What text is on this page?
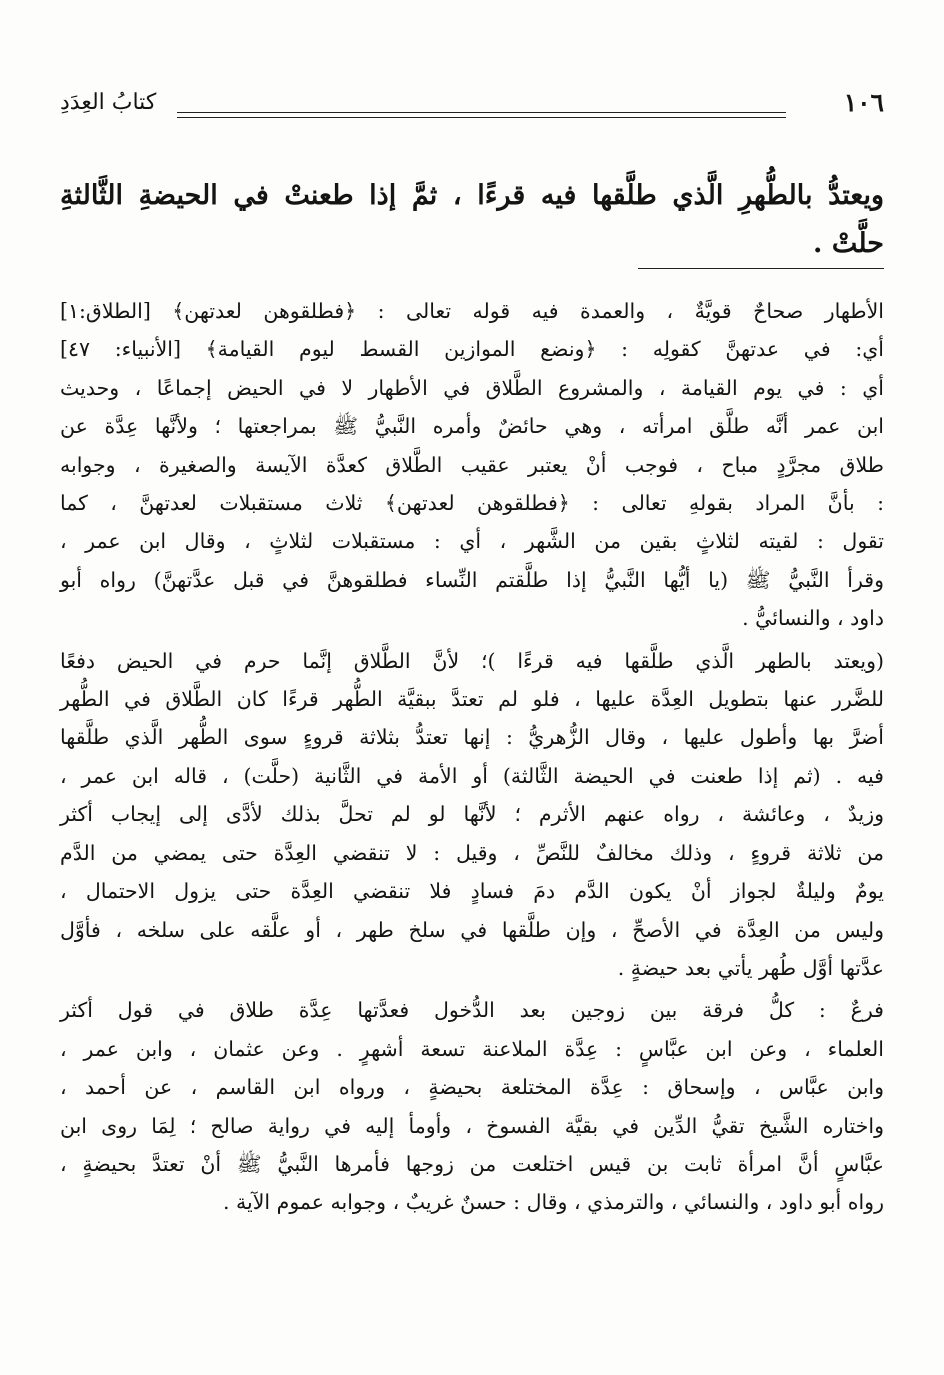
١٠٦
كتابُ العِدَدِ
ويعتدُّ بالطُّهرِ الَّذي طلَّقها فيه قرءًا ، ثمَّ إذا طعنتْ في الحيضةِ الثَّالثةِ
حلَّتْ .
الأطهار صحاحٌ قويَّةٌ ، والعمدة فيه قوله تعالى : ﴿فطلقوهن لعدتهن﴾ [الطلاق:١]
أي: في عدتهنَّ كقولِه : ﴿ونضع الموازين القسط ليوم القيامة﴾ [الأنبياء: ٤٧]
أي : في يوم القيامة ، والمشروع الطَّلاق في الأطهار لا في الحيض إجماعًا ، وحديث
ابن عمر أنَّه طلَّق امرأته ، وهي حائضٌ وأمره النَّبيُّ ﷺ بمراجعتها ؛ ولأنَّها عِدَّة عن
طلاق مجرَّدٍ مباح ، فوجب أنْ يعتبر عقيب الطَّلاق كعدَّة الآيسة والصغيرة ، وجوابه
: بأنَّ المراد بقولهِ تعالى : ﴿فطلقوهن لعدتهن﴾ ثلاث مستقبلات لعدتهنَّ ، كما
تقول : لقيته لثلاثٍ بقين من الشَّهر ، أي : مستقبلات لثلاثٍ ، وقال ابن عمر ،
وقرأ النَّبيُّ ﷺ (يا أيُّها النَّبيُّ إذا طلَّقتم النِّساء فطلقوهنَّ في قبل عدَّتهنَّ) رواه أبو
داود ، والنسائيُّ .
(ويعتد بالطهر الَّذي طلَّقها فيه قرءًا )؛ لأنَّ الطَّلاق إنَّما حرم في الحيض دفعًا
للضَّرر عنها بتطويل العِدَّة عليها ، فلو لم تعتدَّ ببقيَّة الطُّهر قرءًا كان الطَّلاق في الطُّهر
أضرَّ بها وأطول عليها ، وقال الزُّهريُّ : إنها تعتدُّ بثلاثة قروءٍ سوى الطُّهر الَّذي طلَّقها
فيه . (ثم إذا طعنت في الحيضة الثَّالثة) أو الأمة في الثَّانية (حلَّت) ، قاله ابن عمر ،
وزيدٌ ، وعائشة ، رواه عنهم الأثرم ؛ لأنَّها لو لم تحلَّ بذلك لأدَّى إلى إيجاب أكثر
من ثلاثة قروءٍ ، وذلك مخالفٌ للنَّصِّ ، وقيل : لا تنقضي العِدَّة حتى يمضي من الدَّم
يومٌ وليلةٌ لجواز أنْ يكون الدَّم دمَ فسادٍ فلا تنقضي العِدَّة حتى يزول الاحتمال ،
وليس من العِدَّة في الأصحِّ ، وإن طلَّقها في سلخ طهر ، أو علَّقه على سلخه ، فأوَّل
عدَّتها أوَّل طُهر يأتي بعد حيضةٍ .
فرعٌ : كلُّ فرقة بين زوجين بعد الدُّخول فعدَّتها عِدَّة طلاق في قول أكثر
العلماء ، وعن ابن عبَّاسٍ : عِدَّة الملاعنة تسعة أشهرٍ . وعن عثمان ، وابن عمر ،
وابن عبَّاس ، وإسحاق : عِدَّة المختلعة بحيضةٍ ، ورواه ابن القاسم ، عن أحمد ،
واختاره الشَّيخ تقيُّ الدِّين في بقيَّة الفسوخ ، وأومأ إليه في رواية صالح ؛ لِمَا روى ابن
عبَّاسٍ أنَّ امرأة ثابت بن قيس اختلعت من زوجها فأمرها النَّبيُّ ﷺ أنْ تعتدَّ بحيضةٍ ،
رواه أبو داود ، والنسائي ، والترمذي ، وقال : حسنٌ غريبٌ ، وجوابه عموم الآية .
